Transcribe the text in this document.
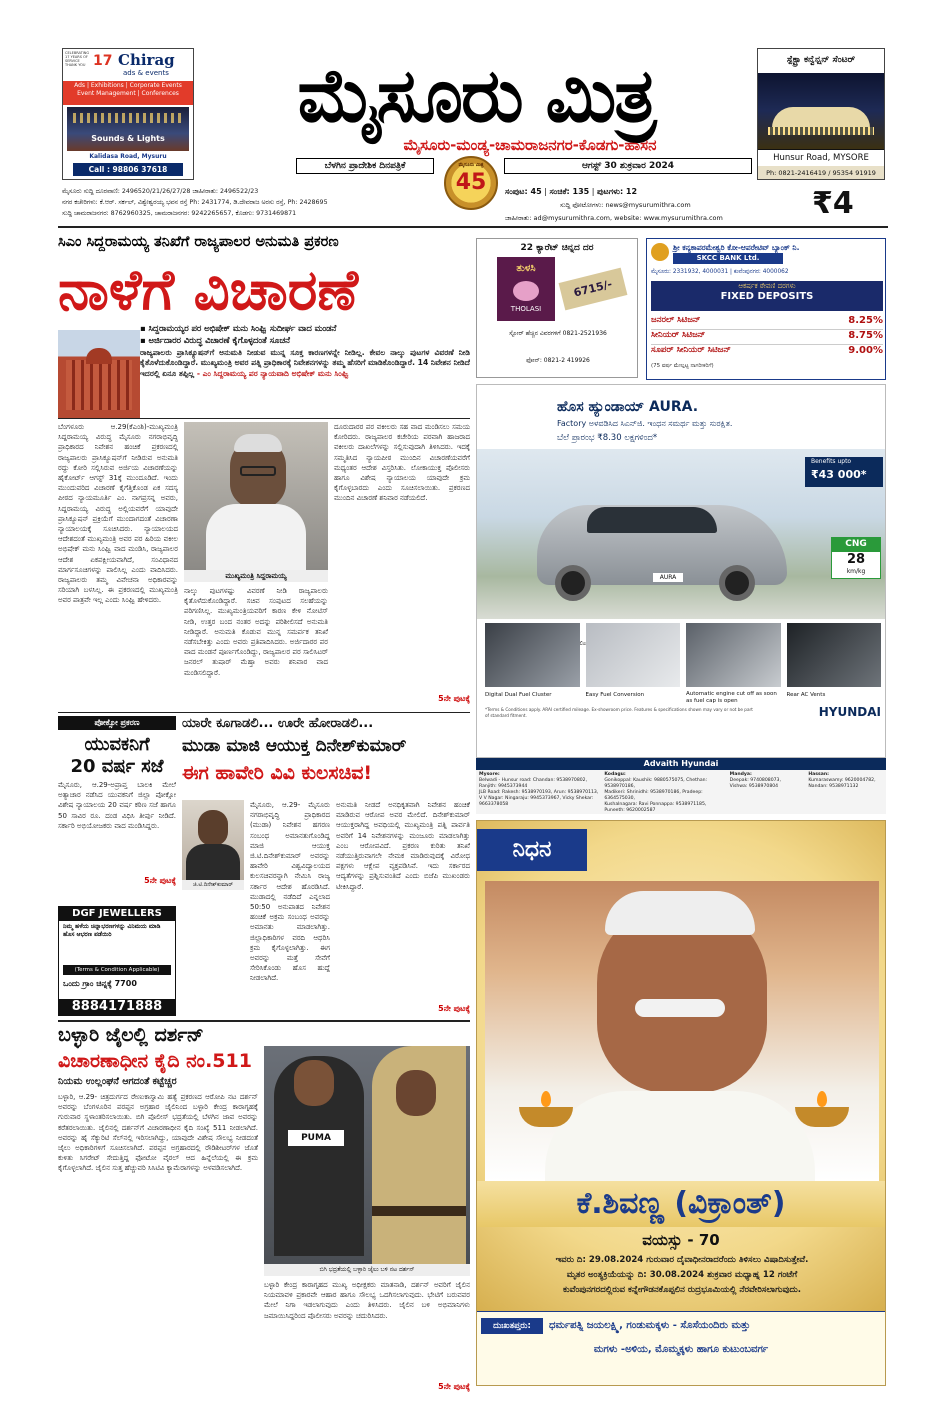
CELEBRATING 17 YEARS OF SERVICE THANK YOU 17 Chirag
ads & events
Ads | Exhibitions | Corporate Events
Event Management | Conferences
Sounds & Lights
Kalidasa Road, Mysuru
Call : 98806 37618
ಮೈಸೂರು ಮಿತ್ರ
ಮೈಸೂರು-ಮಂಡ್ಯ-ಚಾಮರಾಜನಗರ-ಕೊಡಗು-ಹಾಸನ
ಬೆಳಗಿನ ಪ್ರಾದೇಶಿಕ ದಿನಪತ್ರಿಕೆ	ಮೈಸೂರು ಮಿತ್ರ
45
ಆಗಸ್ಟ್ 30 ಶುಕ್ರವಾರ 2024
ಸ್ಪೆಕ್ಟ್ರಾ ಕನ್ವೆನ್ಷನ್ ಸೆಂಟರ್
Hunsur Road, MYSORE
Ph: 0821-2416419 / 95354 91919
ಮೈಸೂರು ಸುದ್ದಿ ದೂರವಾಣಿ: 2496520/21/26/27/28 ಜಾಹೀರಾತು: 2496522/23
ನಗರ ಕಚೇರಿಗಳು: ಕೆ.ಆರ್. ಸರ್ಕಲ್, ವಿಶ್ವೇಶ್ವರಯ್ಯ ಭವನ ರಸ್ತೆ Ph: 2431774, ಡಿ.ದೇವರಾಜ ಅರಸು ರಸ್ತೆ, Ph: 2428695
ಸುದ್ದಿ ಚಾಮರಾಜನಗರ: 8762960325, ಚಾಮರಾಜನಗರ: 9242265657, ಕೊಡಗು: 9731469871
ಸಂಪುಟ: 45 | ಸಂಚಿಕೆ: 135 | ಪುಟಗಳು: 12
ಸುದ್ದಿ ಫೋಟೋಗಳು: news@mysurumithra.com
ಜಾಹೀರಾತು: ad@mysurumithra.com, website: www.mysurumithra.com	₹4
ಸಿಎಂ ಸಿದ್ದರಾಮಯ್ಯ ತನಿಖೆಗೆ ರಾಜ್ಯಪಾಲರ ಅನುಮತಿ ಪ್ರಕರಣ
ನಾಳೆಗೆ ವಿಚಾರಣೆ
▪ ಸಿದ್ದರಾಮಯ್ಯರ ಪರ ಅಭಿಷೇಕ್ ಮನು ಸಿಂಘ್ವಿ ಸುದೀರ್ಘ ವಾದ ಮಂಡನೆ
▪ ಅರ್ಜಿದಾರರ ವಿರುದ್ಧ ವಿಚಾರಣೆ ಕೈಗೊಳ್ಳದಂತೆ ಸೂಚನೆ
ರಾಜ್ಯಪಾಲರು ಪ್ರಾಸಿಕ್ಯೂಷನ್‌ಗೆ ಅನುಮತಿ ನೀಡುವ ಮುನ್ನ ಸೂಕ್ತ ಕಾರಣಗಳನ್ನೇ ನೀಡಿಲ್ಲ. ಕೇವಲ ನಾಲ್ಕು ಪುಟಗಳ ವಿವರಣೆ ನೀಡಿ ಕೈತೊಳೆದುಕೊಂಡಿದ್ದಾರೆ. ಮುಖ್ಯಮಂತ್ರಿ ಅವರ ಪತ್ನಿ ಪ್ರಾಧಿಕಾರಕ್ಕೆ ನಿವೇಶನಗಳನ್ನು ತಮ್ಮ ಹೆಸರಿಗೆ ಮಾಡಿಕೊಂಡಿದ್ದಾರೆ. 14 ನಿವೇಶನ ನೀಡಿದೆ ಇದರಲ್ಲಿ ಏನೂ ತಪ್ಪಿಲ್ಲ - ಎಂ ಸಿದ್ದರಾಮಯ್ಯ ಪರ ನ್ಯಾಯವಾದಿ ಅಭಿಷೇಕ್ ಮನು ಸಿಂಘ್ವಿ
ಬೆಂಗಳೂರು ಆ.29(ಕೆಎಂಶಿ)-ಮುಖ್ಯಮಂತ್ರಿ ಸಿದ್ದರಾಮಯ್ಯ ವಿರುದ್ಧ ಮೈಸೂರು ನಗರಾಭಿವೃದ್ಧಿ ಪ್ರಾಧಿಕಾರದ ನಿವೇಶನ ಹಂಚಿಕೆ ಪ್ರಕರಣದಲ್ಲಿ ರಾಜ್ಯಪಾಲರು ಪ್ರಾಸಿಕ್ಯೂಷನ್‌ಗೆ ನೀಡಿರುವ ಅನುಮತಿ ರದ್ದು ಕೋರಿ ಸಲ್ಲಿಸಿರುವ ಅರ್ಜಿಯ ವಿಚಾರಣೆಯನ್ನು ಹೈಕೋರ್ಟ್ ಆಗಸ್ಟ್ 31ಕ್ಕೆ ಮುಂದೂಡಿದೆ. ಇಂದು ಮುಂದುವರಿದ ವಿಚಾರಣೆ ಕೈಗೆತ್ತಿಕೊಂಡ ಏಕ ಸದಸ್ಯ ಪೀಠದ ನ್ಯಾಯಮೂರ್ತಿ ಎಂ. ನಾಗಪ್ರಸನ್ನ ಅವರು, ಸಿದ್ದರಾಮಯ್ಯ ವಿರುದ್ಧ ಅಲ್ಲಿಯವರೆಗೆ ಯಾವುದೇ ಪ್ರಾಸಿಕ್ಯೂಷನ್ ಪ್ರಕ್ರಿಯೆಗೆ ಮುಂದಾಗದಂತೆ ವಿಚಾರಣಾ ನ್ಯಾಯಾಲಯಕ್ಕೆ ಸೂಚಿಸಿದರು. ನ್ಯಾಯಾಲಯದ ಆದೇಶದಂತೆ ಮುಖ್ಯಮಂತ್ರಿ ಅವರ ಪರ ಹಿರಿಯ ವಕೀಲ ಅಭಿಷೇಕ್ ಮನು ಸಿಂಘ್ವಿ ವಾದ ಮಂಡಿಸಿ, ರಾಜ್ಯಪಾಲರ ಆದೇಶ ಏಕಪಕ್ಷೀಯವಾಗಿದೆ, ಸಂವಿಧಾನದ ಮಾರ್ಗಸೂಚಿಗಳನ್ನು ಪಾಲಿಸಿಲ್ಲ ಎಂದು ವಾದಿಸಿದರು. ರಾಜ್ಯಪಾಲರು ತಮ್ಮ ವಿವೇಚನಾ ಅಧಿಕಾರವನ್ನು ಸರಿಯಾಗಿ ಬಳಸಿಲ್ಲ. ಈ ಪ್ರಕರಣದಲ್ಲಿ ಮುಖ್ಯಮಂತ್ರಿ ಅವರ ಪಾತ್ರವೇ ಇಲ್ಲ ಎಂದು ಸಿಂಘ್ವಿ ಹೇಳಿದರು.
ಮುಖ್ಯಮಂತ್ರಿ ಸಿದ್ದರಾಮಯ್ಯ
ನಾಲ್ಕು ಪುಟಗಳಷ್ಟು ವಿವರಣೆ ನೀಡಿ ರಾಜ್ಯಪಾಲರು ಕೈತೊಳೆದುಕೊಂಡಿದ್ದಾರೆ. ಸಚಿವ ಸಂಪುಟದ ಸಲಹೆಯನ್ನು ಪರಿಗಣಿಸಿಲ್ಲ. ಮುಖ್ಯಮಂತ್ರಿಯವರಿಗೆ ಕಾರಣ ಕೇಳಿ ನೋಟಿಸ್ ನೀಡಿ, ಉತ್ತರ ಬಂದ ನಂತರ ಅದನ್ನು ಪರಿಶೀಲಿಸದೆ ಅನುಮತಿ ನೀಡಿದ್ದಾರೆ. ಅನುಮತಿ ಕೊಡುವ ಮುನ್ನ ಸಮರ್ಪಕ ತನಿಖೆ ನಡೆಸಬೇಕಿತ್ತು ಎಂದು ಅವರು ಪ್ರತಿಪಾದಿಸಿದರು. ಅರ್ಜಿದಾರರ ಪರ ವಾದ ಮಂಡನೆ ಪೂರ್ಣಗೊಂಡಿದ್ದು, ರಾಜ್ಯಪಾಲರ ಪರ ಸಾಲಿಸಿಟರ್ ಜನರಲ್ ತುಷಾರ್ ಮೆಹ್ತಾ ಅವರು ಶನಿವಾರ ವಾದ ಮಂಡಿಸಲಿದ್ದಾರೆ.
ದೂರುದಾರರ ಪರ ವಕೀಲರು ಸಹ ವಾದ ಮಂಡಿಸಲು ಸಮಯ ಕೋರಿದರು. ರಾಜ್ಯಪಾಲರ ಕಚೇರಿಯ ಪರವಾಗಿ ಹಾಜರಾದ ವಕೀಲರು ದಾಖಲೆಗಳನ್ನು ಸಲ್ಲಿಸುವುದಾಗಿ ತಿಳಿಸಿದರು. ಇದಕ್ಕೆ ಸಮ್ಮತಿಸಿದ ನ್ಯಾಯಪೀಠ ಮುಂದಿನ ವಿಚಾರಣೆಯವರೆಗೆ ಮಧ್ಯಂತರ ಆದೇಶ ವಿಸ್ತರಿಸಿತು. ಲೋಕಾಯುಕ್ತ ಪೊಲೀಸರು ಹಾಗೂ ವಿಶೇಷ ನ್ಯಾಯಾಲಯ ಯಾವುದೇ ಕ್ರಮ ಕೈಗೊಳ್ಳಬಾರದು ಎಂದು ಸೂಚಿಸಲಾಯಿತು. ಪ್ರಕರಣದ ಮುಂದಿನ ವಿಚಾರಣೆ ಶನಿವಾರ ನಡೆಯಲಿದೆ.
5ನೇ ಪುಟಕ್ಕೆ
22 ಕ್ಯಾರೆಟ್ ಚಿನ್ನದ ದರ
ತುಳಸಿ
THOLASI
6715/-
ಸ್ಟೋರ್ ಹೆಚ್ಚಿನ ವಿವರಗಳಿಗೆ 0821-2521936
ಫೋನ್: 0821-2 419926
ಶ್ರೀ ಕನ್ಯಕಾಪರಮೇಶ್ವರಿ ಕೋ-ಆಪರೇಟಿವ್ ಬ್ಯಾಂಕ್ ನಿ.
SKCC BANK Ltd.
ಮೈಸೂರು: 2331932, 4000031 | ಕುವೆಂಪುನಗರ: 4000062
ಆಕರ್ಷಕ ಠೇವಣಿ ದರಗಳು
FIXED DEPOSITS
ಜನರಲ್ ಸಿಟಿಜನ್	8.25%
ಸೀನಿಯರ್ ಸಿಟಿಜನ್	8.75%
ಸೂಪರ್ ಸೀನಿಯರ್ ಸಿಟಿಜನ್	9.00%
(75 ವರ್ಷ ಮೇಲ್ಪಟ್ಟ ನಾಗರೀಕರಿಗೆ)
ಹೊಸ ಹ್ಯುಂಡಾಯ್ AURA.
Factory ಅಳವಡಿಸಿದ ಸಿಎನ್‌ಜಿ. ಇಂಧನ ಸಮರ್ಥ ಮತ್ತು ಸುರಕ್ಷಿತ.
ಬೆಲೆ ಪ್ರಾರಂಭ ₹8.30 ಲಕ್ಷಗಳಿಂದ*
AURA
Benefits upto
₹43 000*
CNG
28
km/kg
Digital Dual Fuel Cluster	Easy Fuel Conversion	Automatic engine cut off as soon as fuel cap is open
Rear AC Vents
*Terms & Conditions apply. ARAI certified mileage. Ex-showroom price. Features & specifications shown may vary or not be part of standard fitment.	HYUNDAI
Advaith Hyundai
Mysore:
Belwadi - Hunsur road: Chandan: 9538970802,
Ranjith: 9945373944
JLB Road: Rakesh: 9538970193, Arun: 9538970113,
V V Nagar: Ningaraju: 9945373967, Vicky Shekar: 9663378058
Kodagu:
Gonikoppal: Kaushik: 9880575075, Chethan: 9538970186,
Madikeri: Shrinidhi: 9538970186, Pradeep: 6364575030,
Kushalnagara: Ravi Ponnappa: 9538971185,
Puneeth: 9620002587
Mandya:
Deepak: 9740808073,
Vishwa: 9538970804
Hassan:
Kumaraswamy: 9620004782,
Nandan: 9538971132
ಪೋಕ್ಸೋ ಪ್ರಕರಣ
ಯುವಕನಿಗೆ
20 ವರ್ಷ ಸಜೆ
ಮೈಸೂರು, ಆ.29-ಅಪ್ರಾಪ್ತ ಬಾಲಕಿ ಮೇಲೆ ಅತ್ಯಾಚಾರ ನಡೆಸಿದ ಯುವಕನಿಗೆ ಜಿಲ್ಲಾ ಪೋಕ್ಸೋ ವಿಶೇಷ ನ್ಯಾಯಾಲಯ 20 ವರ್ಷ ಕಠಿಣ ಸಜೆ ಹಾಗೂ 50 ಸಾವಿರ ರೂ. ದಂಡ ವಿಧಿಸಿ ತೀರ್ಪು ನೀಡಿದೆ. ಸರ್ಕಾರಿ ಅಭಿಯೋಜಕರು ವಾದ ಮಂಡಿಸಿದ್ದರು.
5ನೇ ಪುಟಕ್ಕೆ
DGF JEWELLERS
ನಿಮ್ಮ ಹಳೆಯ ಚಿನ್ನಾಭರಣಗಳನ್ನು ವಿನಿಮಯ ಮಾಡಿ ಹೊಸ ಆಭರಣ ಪಡೆಯಿರಿ
(Terms & Condition Applicable)
ಒಂದು ಗ್ರಾಂ ಚಿನ್ನಕ್ಕೆ 7700
8884171888
ಯಾರೇ ಕೂಗಾಡಲಿ... ಊರೇ ಹೋರಾಡಲಿ...
ಮುಡಾ ಮಾಜಿ ಆಯುಕ್ತ ದಿನೇಶ್‌ಕುಮಾರ್
ಈಗ ಹಾವೇರಿ ವಿವಿ ಕುಲಸಚಿವ!
ಜಿ.ಟಿ.ದಿನೇಶ್‌ಕುಮಾರ್
ಮೈಸೂರು, ಆ.29- ಮೈಸೂರು ನಗರಾಭಿವೃದ್ಧಿ ಪ್ರಾಧಿಕಾರದ (ಮುಡಾ) ನಿವೇಶನ ಹಗರಣ ಸಂಬಂಧ ಅಮಾನತುಗೊಂಡಿದ್ದ ಮಾಜಿ ಆಯುಕ್ತ ಜಿ.ಟಿ.ದಿನೇಶ್‌ಕುಮಾರ್ ಅವರನ್ನು ಹಾವೇರಿ ವಿಶ್ವವಿದ್ಯಾಲಯದ ಕುಲಸಚಿವರನ್ನಾಗಿ ನೇಮಿಸಿ ರಾಜ್ಯ ಸರ್ಕಾರ ಆದೇಶ ಹೊರಡಿಸಿದೆ. ಮುಡಾದಲ್ಲಿ ನಡೆದಿದೆ ಎನ್ನಲಾದ 50:50 ಅನುಪಾತದ ನಿವೇಶನ ಹಂಚಿಕೆ ಅಕ್ರಮ ಸಂಬಂಧ ಅವರನ್ನು ಅಮಾನತು ಮಾಡಲಾಗಿತ್ತು. ಜಿಲ್ಲಾಧಿಕಾರಿಗಳ ವರದಿ ಆಧರಿಸಿ ಕ್ರಮ ಕೈಗೊಳ್ಳಲಾಗಿತ್ತು. ಈಗ ಅವರನ್ನು ಮತ್ತೆ ಸೇವೆಗೆ ಸೇರಿಸಿಕೊಂಡು ಹೊಸ ಹುದ್ದೆ ನೀಡಲಾಗಿದೆ.
ಅನುಮತಿ ನೀಡದೆ ಅನಧಿಕೃತವಾಗಿ ನಿವೇಶನ ಹಂಚಿಕೆ ಮಾಡಿರುವ ಆರೋಪ ಅವರ ಮೇಲಿದೆ. ದಿನೇಶ್‌ಕುಮಾರ್ ಆಯುಕ್ತರಾಗಿದ್ದ ಅವಧಿಯಲ್ಲಿ ಮುಖ್ಯಮಂತ್ರಿ ಪತ್ನಿ ಪಾರ್ವತಿ ಅವರಿಗೆ 14 ನಿವೇಶನಗಳನ್ನು ಮಂಜೂರು ಮಾಡಲಾಗಿತ್ತು ಎಂಬ ಆರೋಪವಿದೆ. ಪ್ರಕರಣ ಕುರಿತು ತನಿಖೆ ನಡೆಯುತ್ತಿರುವಾಗಲೇ ನೇಮಕ ಮಾಡಿರುವುದಕ್ಕೆ ವಿರೋಧ ಪಕ್ಷಗಳು ಆಕ್ಷೇಪ ವ್ಯಕ್ತಪಡಿಸಿವೆ. ಇದು ಸರ್ಕಾರದ ಆದ್ಯತೆಗಳನ್ನು ಪ್ರಶ್ನಿಸುವಂತಿದೆ ಎಂದು ಬಿಜೆಪಿ ಮುಖಂಡರು ಟೀಕಿಸಿದ್ದಾರೆ.
5ನೇ ಪುಟಕ್ಕೆ
ಬಳ್ಳಾರಿ ಜೈಲಲ್ಲಿ ದರ್ಶನ್
ವಿಚಾರಣಾಧೀನ ಕೈದಿ ನಂ.511
ನಿಯಮ ಉಲ್ಲಂಘನೆ ಆಗದಂತೆ ಕಟ್ಟೆಚ್ಚರ
PUMA
ಬಿಗಿ ಭದ್ರತೆಯಲ್ಲಿ ಬಳ್ಳಾರಿ ಜೈಲು ಬಳಿ ನಟ ದರ್ಶನ್
ಬಳ್ಳಾರಿ, ಆ.29- ಚಿತ್ರದುರ್ಗದ ರೇಣುಕಾಸ್ವಾಮಿ ಹತ್ಯೆ ಪ್ರಕರಣದ ಆರೋಪಿ ನಟ ದರ್ಶನ್ ಅವರನ್ನು ಬೆಂಗಳೂರಿನ ಪರಪ್ಪನ ಅಗ್ರಹಾರ ಜೈಲಿನಿಂದ ಬಳ್ಳಾರಿ ಕೇಂದ್ರ ಕಾರಾಗೃಹಕ್ಕೆ ಗುರುವಾರ ಸ್ಥಳಾಂತರಿಸಲಾಯಿತು. ಬಿಗಿ ಪೊಲೀಸ್ ಭದ್ರತೆಯಲ್ಲಿ ಬೆಳಗಿನ ಜಾವ ಅವರನ್ನು ಕರೆತರಲಾಯಿತು. ಜೈಲಿನಲ್ಲಿ ದರ್ಶನ್‌ಗೆ ವಿಚಾರಣಾಧೀನ ಕೈದಿ ಸಂಖ್ಯೆ 511 ನೀಡಲಾಗಿದೆ. ಅವರನ್ನು ಹೈ ಸೆಕ್ಯುರಿಟಿ ಸೆಲ್‌ನಲ್ಲಿ ಇರಿಸಲಾಗಿದ್ದು, ಯಾವುದೇ ವಿಶೇಷ ಸೌಲಭ್ಯ ನೀಡದಂತೆ ಜೈಲು ಅಧಿಕಾರಿಗಳಿಗೆ ಸೂಚಿಸಲಾಗಿದೆ. ಪರಪ್ಪನ ಅಗ್ರಹಾರದಲ್ಲಿ ರೌಡಿಶೀಟರ್‌ಗಳ ಜೊತೆ ಕುಳಿತು ಸಿಗರೇಟ್ ಸೇದುತ್ತಿದ್ದ ಫೋಟೋ ವೈರಲ್ ಆದ ಹಿನ್ನೆಲೆಯಲ್ಲಿ ಈ ಕ್ರಮ ಕೈಗೊಳ್ಳಲಾಗಿದೆ. ಜೈಲಿನ ಸುತ್ತ ಹೆಚ್ಚುವರಿ ಸಿಸಿಟಿವಿ ಕ್ಯಾಮೆರಾಗಳನ್ನು ಅಳವಡಿಸಲಾಗಿದೆ.
ಬಳ್ಳಾರಿ ಕೇಂದ್ರ ಕಾರಾಗೃಹದ ಮುಖ್ಯ ಅಧೀಕ್ಷಕರು ಮಾತನಾಡಿ, ದರ್ಶನ್ ಅವರಿಗೆ ಜೈಲಿನ ನಿಯಮಾವಳಿ ಪ್ರಕಾರವೇ ಆಹಾರ ಹಾಗೂ ಸೌಲಭ್ಯ ಒದಗಿಸಲಾಗುವುದು. ಭೇಟಿಗೆ ಬರುವವರ ಮೇಲೆ ನಿಗಾ ಇಡಲಾಗುವುದು ಎಂದು ತಿಳಿಸಿದರು. ಜೈಲಿನ ಬಳಿ ಅಭಿಮಾನಿಗಳು ಜಮಾಯಿಸಿದ್ದರಿಂದ ಪೊಲೀಸರು ಅವರನ್ನು ಚದುರಿಸಿದರು.
5ನೇ ಪುಟಕ್ಕೆ
ನಿಧನ
ಕೆ.ಶಿವಣ್ಣ (ವಿಕ್ರಾಂತ್)
ವಯಸ್ಸು - 70
ಇವರು ದಿ: 29.08.2024 ಗುರುವಾರ ದೈವಾಧೀನರಾದರೆಂದು ತಿಳಿಸಲು ವಿಷಾದಿಸುತ್ತೇವೆ.
ಮೃತರ ಅಂತ್ಯಕ್ರಿಯೆಯನ್ನು ದಿ: 30.08.2024 ಶುಕ್ರವಾರ ಮಧ್ಯಾಹ್ನ 12 ಗಂಟೆಗೆ
ಕುವೆಂಪುನಗರದಲ್ಲಿರುವ ಕನ್ನೇಗೌಡನಕೊಪ್ಪಲಿನ ರುದ್ರಭೂಮಿಯಲ್ಲಿ ನೆರವೇರಿಸಲಾಗುವುದು.
ದುಃಖತಪ್ತರು:	ಧರ್ಮಪತ್ನಿ ಜಯಲಕ್ಷ್ಮಿ, ಗಂಡುಮಕ್ಕಳು - ಸೊಸೆಯಂದಿರು ಮತ್ತು
ಮಗಳು -ಅಳಿಯ, ಮೊಮ್ಮಕ್ಕಳು ಹಾಗೂ ಕುಟುಂಬವರ್ಗ
